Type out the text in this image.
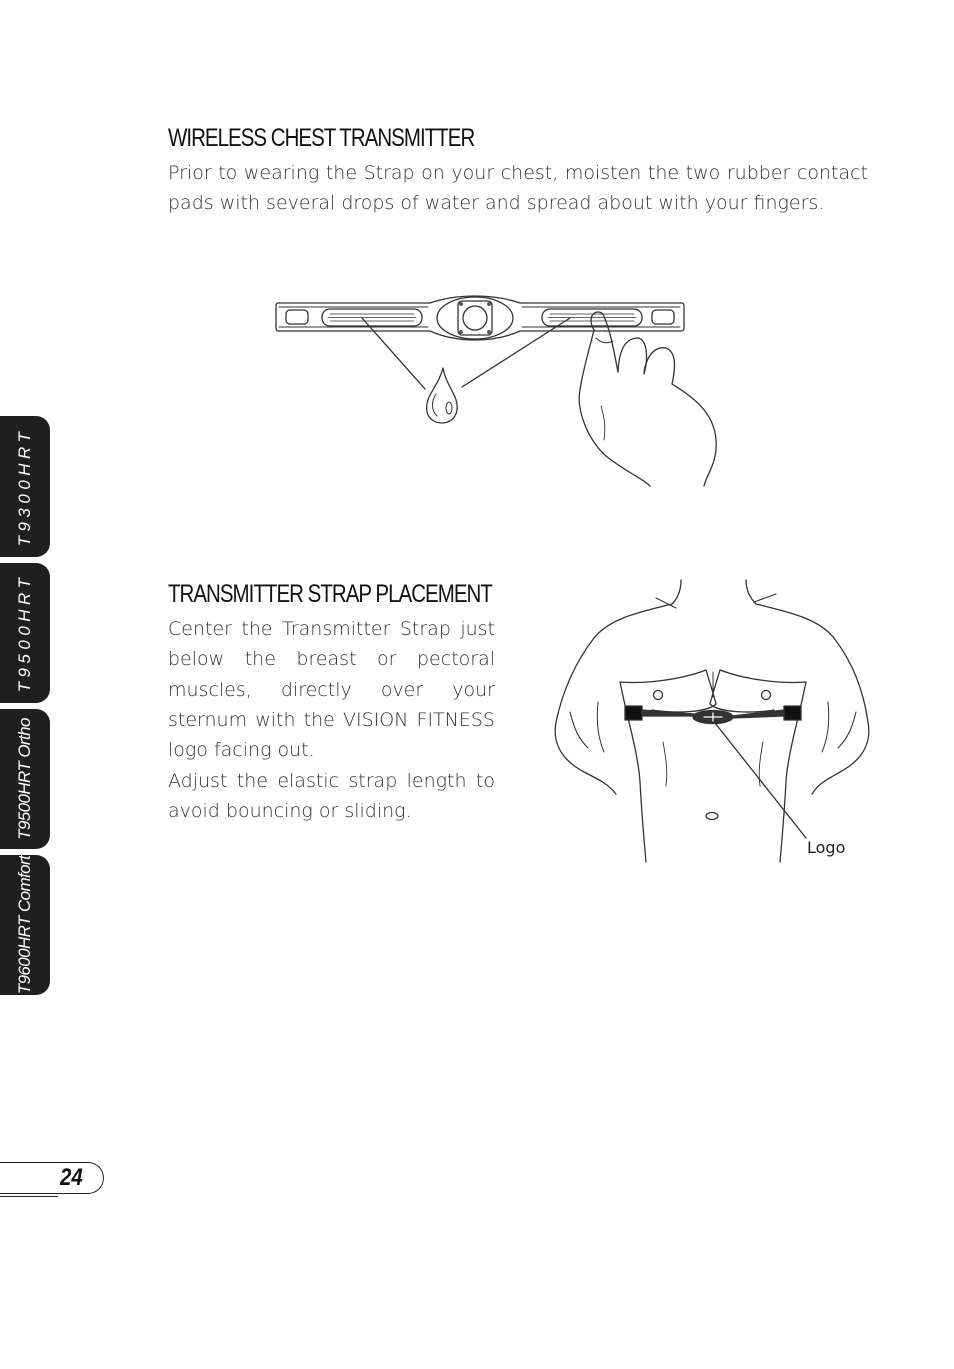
WIRELESS CHEST TRANSMITTER

Prior to wearing the Strap on your chest, moisten the two rubber contact pads with several drops of water and spread about with your fingers.

TRANSMITTER STRAP PLACEMENT

Center the Transmitter Strap just below the breast or pectoral muscles, directly over your sternum with the VISION FITNESS logo facing out.

Adjust the elastic strap length to avoid bouncing or sliding.

Logo
T9300HRT
T9500HRT
T9500HRT Ortho
T9600HRT Comfort
24
